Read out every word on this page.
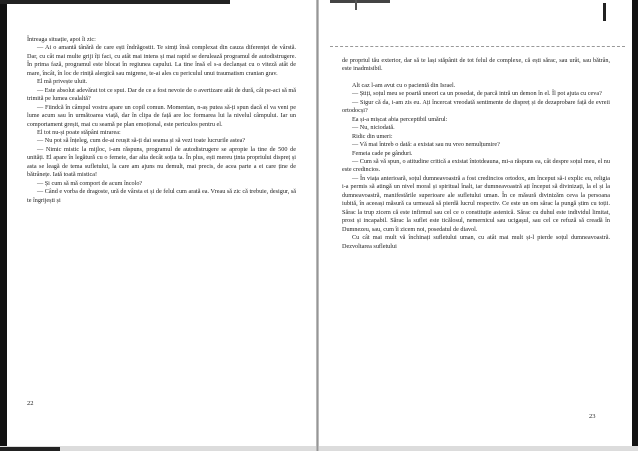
Întreaga situație, apoi îi zic:

— Ai o amantă tânără de care ești îndrăgostit. Te simți însă complexat din cauza diferenței de vârstă. Dar, cu cât mai multe griji îți faci, cu atât mai intens și mai rapid se derulează programul de autodistrugere. În prima fază, programul este blocat în regiunea capului. La tine însă el s-a declanșat cu o viteză atât de mare, încât, în loc de riniță alergică sau migrene, te-ai ales cu periculul unui traumatism cranian grav.

El mă privește uluit.

— Este absolut adevărat tot ce spui. Dar de ce a fost nevoie de o avertizare atât de dură, cât pe-aci să mă trimită pe lumea cealaltă?

— Fiindcă în câmpul vostru apare un copil comun. Momentan, n-aș putea să-ți spun dacă el va veni pe lume acum sau în următoarea viață, dar în clipa de față are loc formarea lui la nivelul câmpului. Iar un comportament greșit, mai cu seamă pe plan emoțional, este periculos pentru el.

El tot nu-și poate stăpâni mirarea:

— Nu pot să înțeleg, cum de-ai reușit să-ți dai seama și să vezi toate lucrurile astea?

— Nimic mistic la mijloc, i-am răspuns, programul de autodistrugere se apropie la tine de 500 de unități. El apare în legătură cu o femeie, dar alta decât soția ta. În plus, ești mereu ținta propriului dispreț și asta se leagă de tema sufletului, la care am ajuns nu demult, mai precis, de acea parte a ei care ține de bătrânețe. Iată toată mistica!

— Și cum să mă comport de acum încolo?

— Când e vorba de dragoste, ură de vârsta ei și de felul cum arată ea. Vreau să zic că trebuie, desigur, să te îngrijești și

22

de propriul tău exterior, dar să te lași stăpânit de tot felul de complexe, că ești sărac, sau urât, sau bătrân, este inadmisibil.

Alt caz l-am avut cu o pacientă din Israel.

— Știți, soțul meu se poartă uneori ca un posedat, de parcă intră un demon în el. Îl pot ajuta cu ceva?

— Sigur că da, i-am zis eu. Ați încercat vreodată sentimente de dispreț și de dezaprobare față de evreii ortodocși?

Ea și-a mișcat abia perceptibil umărul:

— Nu, niciodată.

Ridic din umeri:

— Vă mai întreb o dată: a existat sau nu vreo nemulțumire?

Femeia cade pe gânduri.

— Cum să vă spun, o atitudine critică a existat întotdeauna, mi-a răspuns ea, cât despre soțul meu, el nu este credincios.

— În viața anterioară, soțul dumneavoastră a fost credincios ortodox, am început să-i explic eu, religia i-a permis să atingă un nivel moral și spiritual înalt, iar dumneavoastră ați început să divinizați, la el și la dumneavoastră, manifestările superioare ale sufletului uman. În ce măsură divinizăm ceva la persoana iubită, în aceeași măsură ca urmează să pierdă lucrul respectiv. Ce este un om sărac la pungă știm cu toții. Sărac la trup zicem că este infirmul sau cel ce o constituție astenică. Sărac cu duhul este individul limitat, prost și incapabil. Sărac la suflet este ticălosul, nemernicul sau ucigașul, sau cel ce refuză să creadă în Dumnezeu, sau, cum îi zicem noi, posedatul de diavol.

Cu cât mai mult vă închinați sufletului uman, cu atât mai mult și-l pierde soțul dumneavoastră. Dezvoltarea sufletului

23
